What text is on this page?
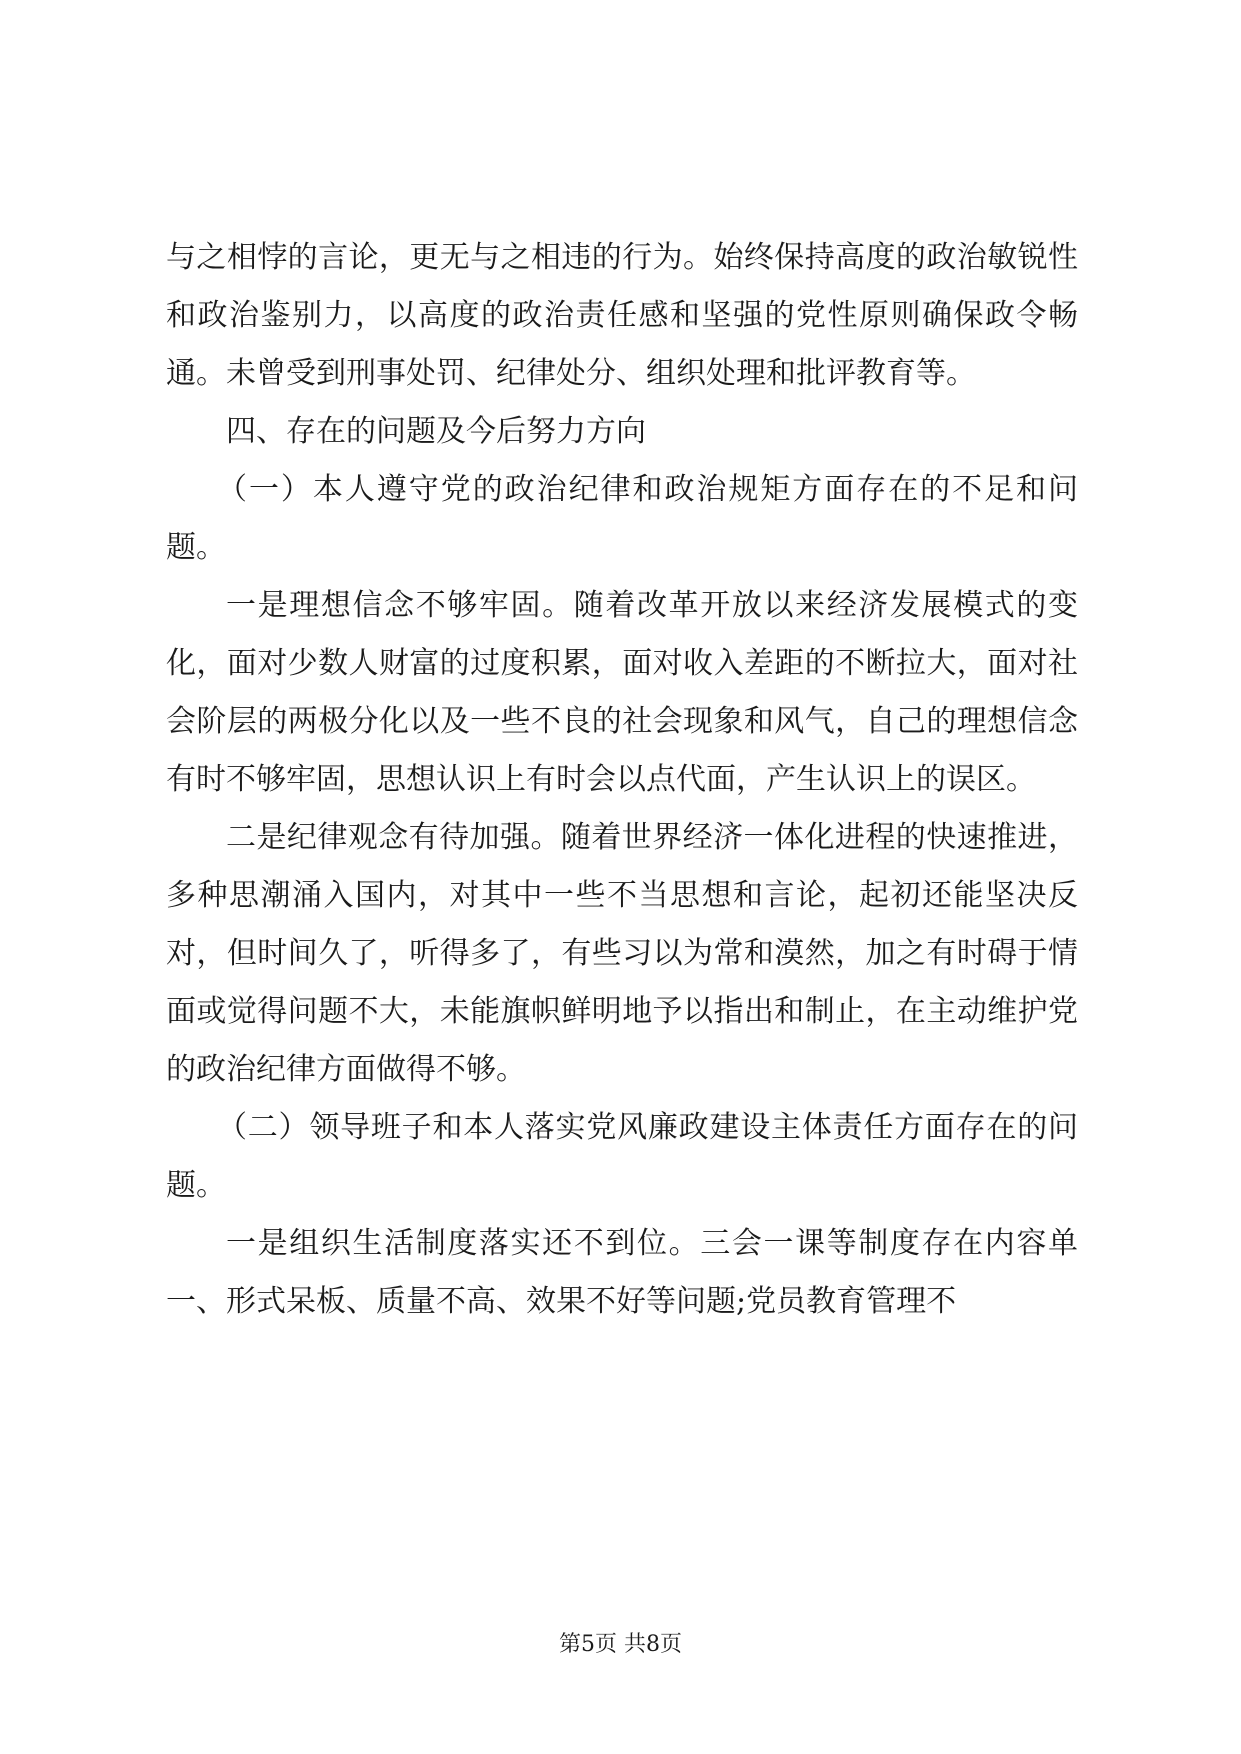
与之相悖的言论，更无与之相违的行为。始终保持高度的政治敏锐性和政治鉴别力，以高度的政治责任感和坚强的党性原则确保政令畅通。未曾受到刑事处罚、纪律处分、组织处理和批评教育等。

四、存在的问题及今后努力方向

（一）本人遵守党的政治纪律和政治规矩方面存在的不足和问题。

一是理想信念不够牢固。随着改革开放以来经济发展模式的变化，面对少数人财富的过度积累，面对收入差距的不断拉大，面对社会阶层的两极分化以及一些不良的社会现象和风气，自己的理想信念有时不够牢固，思想认识上有时会以点代面，产生认识上的误区。

二是纪律观念有待加强。随着世界经济一体化进程的快速推进，多种思潮涌入国内，对其中一些不当思想和言论，起初还能坚决反对，但时间久了，听得多了，有些习以为常和漠然，加之有时碍于情面或觉得问题不大，未能旗帜鲜明地予以指出和制止，在主动维护党的政治纪律方面做得不够。

（二）领导班子和本人落实党风廉政建设主体责任方面存在的问题。

一是组织生活制度落实还不到位。三会一课等制度存在内容单一、形式呆板、质量不高、效果不好等问题;党员教育管理不

第5页 共8页
